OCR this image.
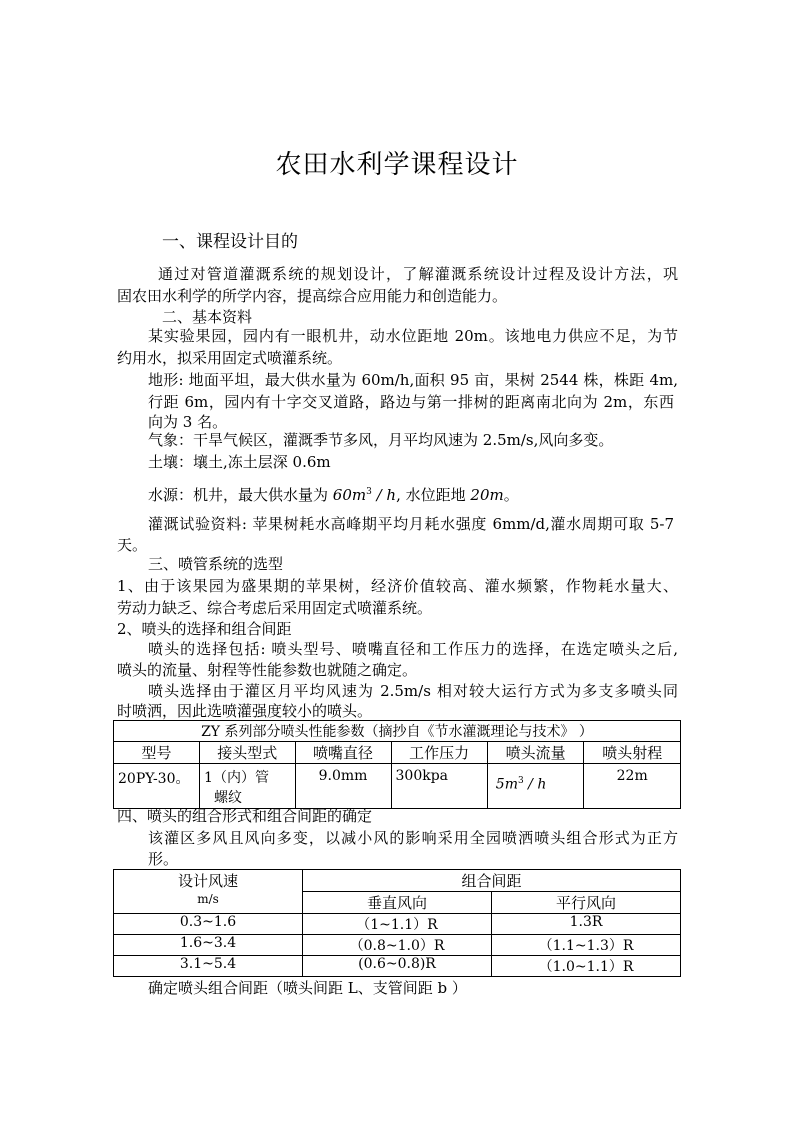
农田水利学课程设计
一、课程设计目的
通过对管道灌溉系统的规划设计，了解灌溉系统设计过程及设计方法，巩
固农田水利学的所学内容，提高综合应用能力和创造能力。
二、基本资料
某实验果园，园内有一眼机井，动水位距地 20m。该地电力供应不足，为节
约用水，拟采用固定式喷灌系统。
地形: 地面平坦，最大供水量为 60m/h,面积 95 亩，果树 2544 株，株距 4m,
行距 6m，园内有十字交叉道路，路边与第一排树的距离南北向为 2m，东西
向为 3 名。
气象：干旱气候区，灌溉季节多风，月平均风速为 2.5m/s,风向多变。
土壤：壤土,冻土层深 0.6m
水源：机井，最大供水量为 $60m^3$ / h, 水位距地 20m。
灌溉试验资料: 苹果树耗水高峰期平均月耗水强度 6mm/d,灌水周期可取 5-7
天。
三、喷管系统的选型
1、由于该果园为盛果期的苹果树，经济价值较高、灌水频繁，作物耗水量大、
劳动力缺乏、综合考虑后采用固定式喷灌系统。
2、喷头的选择和组合间距
喷头的选择包括: 喷头型号、喷嘴直径和工作压力的选择，在选定喷头之后,
喷头的流量、射程等性能参数也就随之确定。
喷头选择由于灌区月平均风速为 2.5m/s 相对较大运行方式为多支多喷头同
时喷洒，因此选喷灌强度较小的喷头。
ZY 系列部分喷头性能参数（摘抄自《节水灌溉理论与技术》 ）					
型号	接头型式	喷嘴直径	工作压力	喷头流量	喷头射程
20PY-30。	1（内）管
螺纹	9.0mm	300kpa	$5m^3$ / h	22m
四、喷头的组合形式和组合间距的确定
该灌区多风且风向多变，以减小风的影响采用全园喷洒喷头组合形式为正方
形。
设计风速	组合间距	
m/s	垂直风向	平行风向
0.3~1.6	（1~1.1）R	1.3R
1.6~3.4	（0.8~1.0）R	（1.1~1.3）R
3.1~5.4	(0.6~0.8)R	（1.0~1.1）R
确定喷头组合间距（喷头间距 L、支管间距 b ）
